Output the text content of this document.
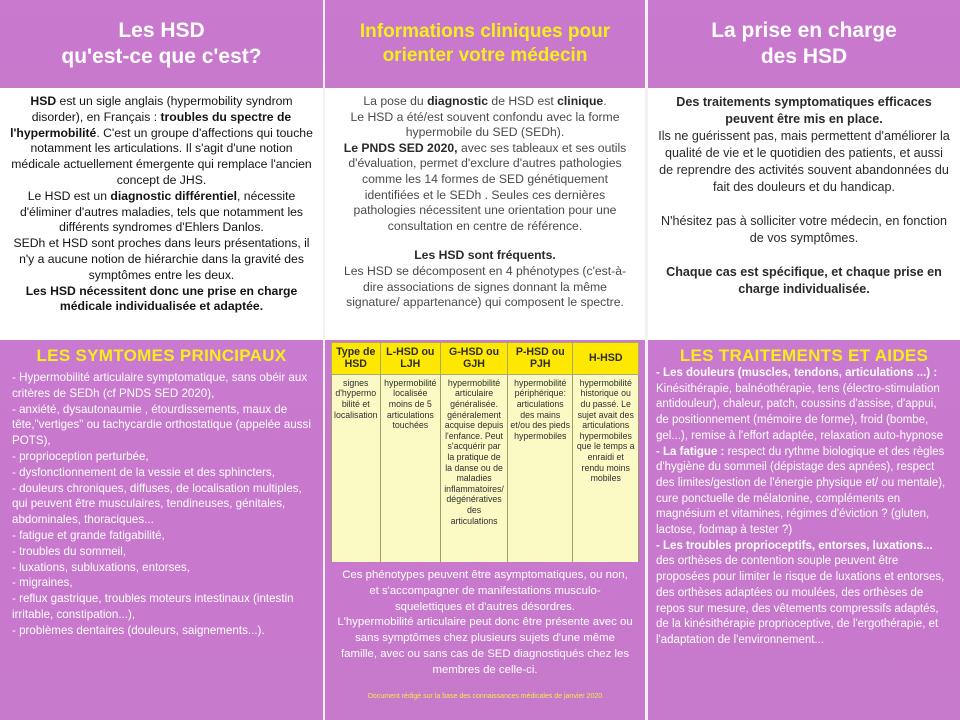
Les HSD
qu'est-ce que c'est?
HSD est un sigle anglais (hypermobility syndrom disorder), en Français : troubles du spectre de l'hypermobilité. C'est un groupe d'affections qui touche notamment les articulations. Il s'agit d'une notion médicale actuellement émergente qui remplace l'ancien concept de JHS.
Le HSD est un diagnostic différentiel, nécessite d'éliminer d'autres maladies, tels que notamment les différents syndromes d'Ehlers Danlos.
SEDh et HSD sont proches dans leurs présentations, il n'y a aucune notion de hiérarchie dans la gravité des symptômes entre les deux.
Les HSD nécessitent donc une prise en charge médicale individualisée et adaptée.
LES SYMTOMES PRINCIPAUX
- Hypermobilité articulaire symptomatique, sans obéir aux critères de SEDh (cf PNDS SED 2020),
- anxiété, dysautonaumie , étourdissements, maux de tête,"vertiges" ou tachycardie orthostatique (appelée aussi POTS),
- proprioception perturbée,
- dysfonctionnement de la vessie et des sphincters,
- douleurs chroniques, diffuses, de localisation multiples, qui peuvent être musculaires, tendineuses, génitales, abdominales, thoraciques...
- fatigue et grande fatigabilité,
- troubles du sommeil,
- luxations, subluxations, entorses,
- migraines,
- reflux gastrique, troubles moteurs intestinaux (intestin irritable, constipation...),
- problèmes dentaires (douleurs, saignements...).
Informations cliniques pour
orienter votre médecin
La pose du diagnostic de HSD est clinique.
Le HSD a été/est souvent confondu avec la forme hypermobile du SED (SEDh).
Le PNDS SED 2020, avec ses tableaux et ses outils d'évaluation, permet d'exclure d'autres pathologies comme les 14 formes de SED génétiquement identifiées et le SEDh . Seules ces dernières pathologies nécessitent une orientation pour une consultation en centre de référence.
Les HSD sont fréquents.
Les HSD se décomposent en 4 phénotypes (c'est-à-dire associations de signes donnant la même signature/ appartenance) qui composent le spectre.
Type de HSD	L-HSD ou LJH	G-HSD ou GJH	P-HSD ou PJH	H-HSD
signes d'hypermo bilité et localisation	hypermobilité localisée moins de 5 articulations touchées	hypermobilité articulaire généralisée. généralement acquise depuis l'enfance. Peut s'acquérir par la pratique de la danse ou de maladies inflammatoires/ dégénératives des articulations	hypermobilité périphérique: articulations des mains et/ou des pieds hypermobiles	hypermobilité historique ou du passé. Le sujet avait des articulations hypermobiles que le temps a enraidi et rendu moins mobiles
Ces phénotypes peuvent être asymptomatiques, ou non, et s'accompagner de manifestations musculo-squelettiques et d'autres désordres.
L'hypermobilité articulaire peut donc être présente avec ou sans symptômes chez plusieurs sujets d'une même famille, avec ou sans cas de SED diagnostiqués chez les membres de celle-ci.
Document rédigé sur la base des connaissances médicales de janvier 2020
La prise en charge
des HSD
Des traitements symptomatiques efficaces peuvent être mis en place.
Ils ne guérissent pas, mais permettent d'améliorer la qualité de vie et le quotidien des patients, et aussi de reprendre des activités souvent abandonnées du fait des douleurs et du handicap.
N'hésitez pas à solliciter votre médecin, en fonction de vos symptômes.
Chaque cas est spécifique, et chaque prise en charge individualisée.
LES TRAITEMENTS ET AIDES
- Les douleurs (muscles, tendons, articulations ...) : Kinésithérapie, balnéothérapie, tens (électro-stimulation antidouleur), chaleur, patch, coussins d'assise, d'appui, de positionnement (mémoire de forme), froid (bombe, gel...), remise à l'effort adaptée, relaxation auto-hypnose
- La fatigue : respect du rythme biologique et des règles d'hygiène du sommeil (dépistage des apnées), respect des limites/gestion de l'énergie physique et/ ou mentale), cure ponctuelle de mélatonine, compléments en magnésium et vitamines, régimes d'éviction ? (gluten, lactose, fodmap à tester ?)
- Les troubles proprioceptifs, entorses, luxations... des orthèses de contention souple peuvent être proposées pour limiter le risque de luxations et entorses, des orthèses adaptées ou moulées, des orthèses de repos sur mesure, des vêtements compressifs adaptés, de la kinésithérapie proprioceptive, de l'ergothérapie, et l'adaptation de l'environnement...
